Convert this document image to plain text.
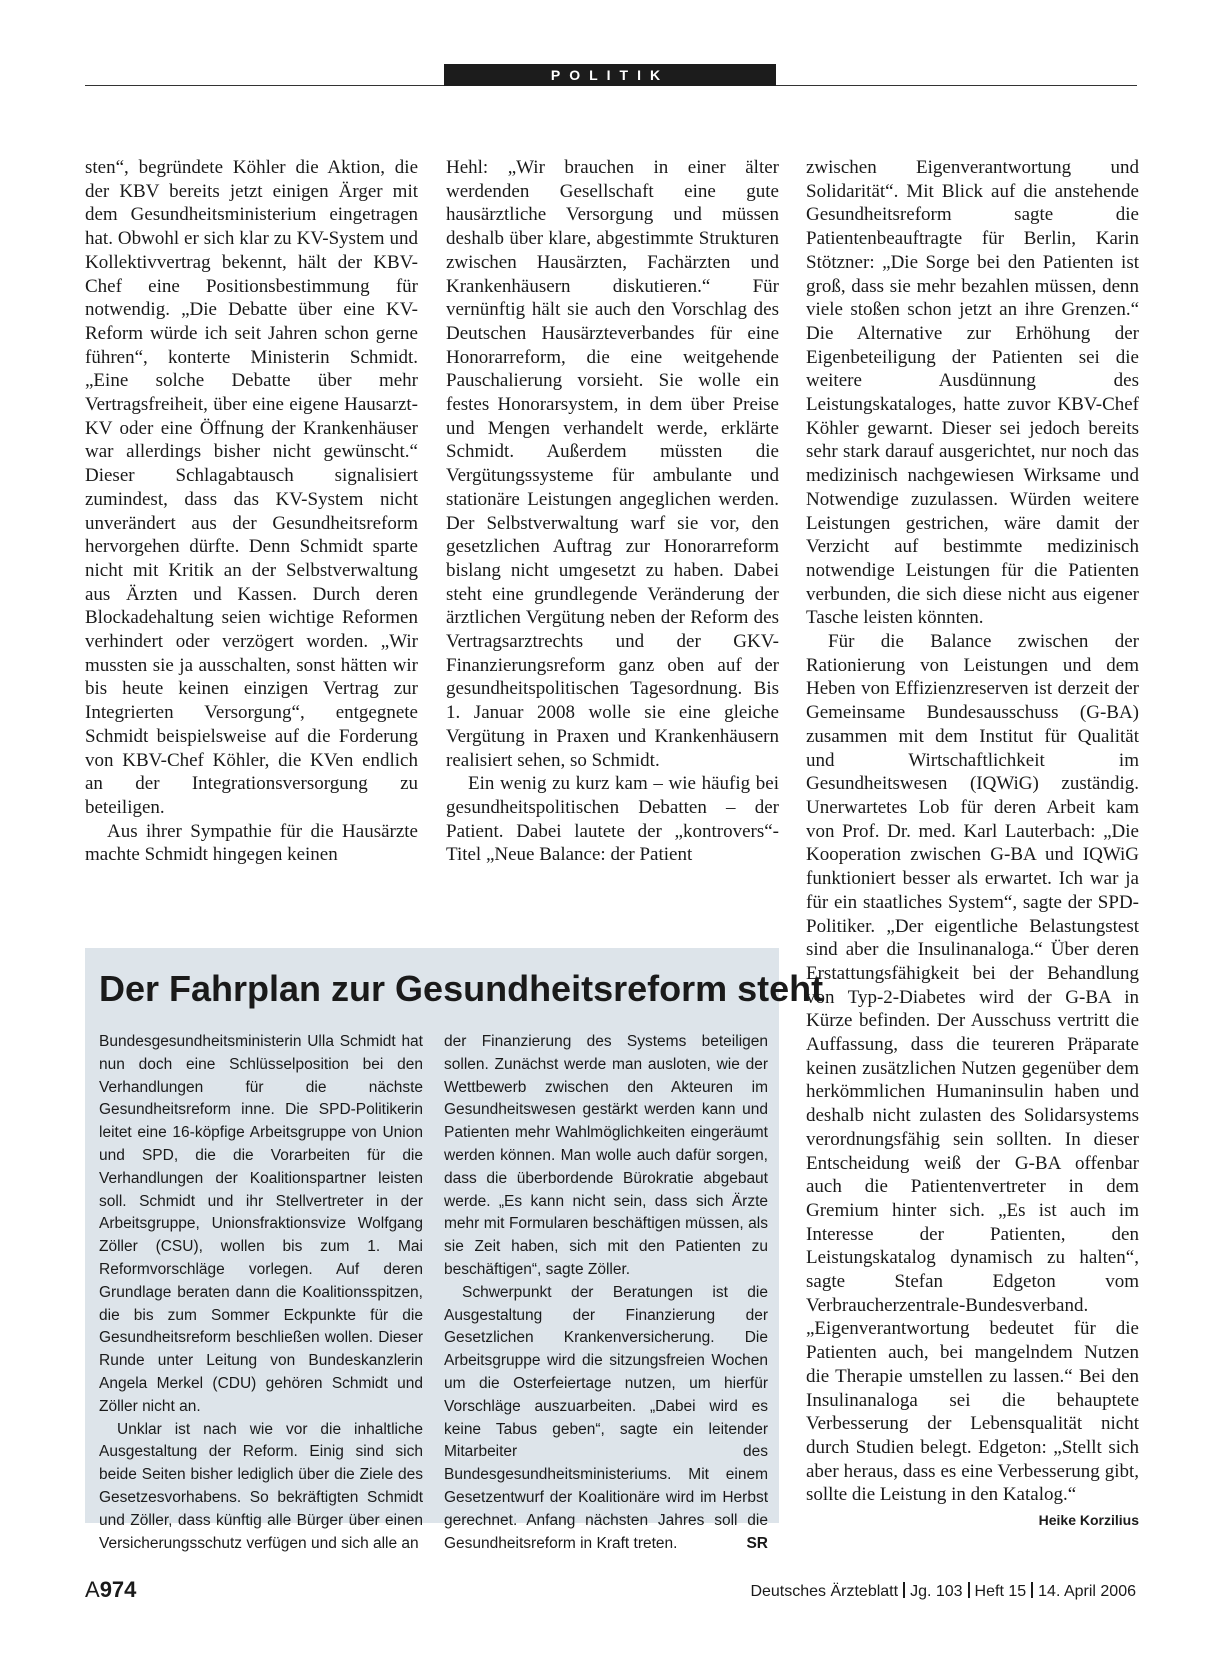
POLITIK

sten“, begründete Köhler die Aktion, die der KBV bereits jetzt einigen Ärger mit dem Gesundheitsministerium eingetragen hat. Obwohl er sich klar zu KV-System und Kollektivvertrag bekennt, hält der KBV-Chef eine Positionsbestimmung für notwendig. „Die Debatte über eine KV-Reform würde ich seit Jahren schon gerne führen“, konterte Ministerin Schmidt. „Eine solche Debatte über mehr Vertragsfreiheit, über eine eigene Hausarzt-KV oder eine Öffnung der Krankenhäuser war allerdings bisher nicht gewünscht.“ Dieser Schlagabtausch signalisiert zumindest, dass das KV-System nicht unverändert aus der Gesundheitsreform hervorgehen dürfte. Denn Schmidt sparte nicht mit Kritik an der Selbstverwaltung aus Ärzten und Kassen. Durch deren Blockadehaltung seien wichtige Reformen verhindert oder verzögert worden. „Wir mussten sie ja ausschalten, sonst hätten wir bis heute keinen einzigen Vertrag zur Integrierten Versorgung“, entgegnete Schmidt beispielsweise auf die Forderung von KBV-Chef Köhler, die KVen endlich an der Integrationsversorgung zu beteiligen.

Aus ihrer Sympathie für die Hausärzte machte Schmidt hingegen keinen

Hehl: „Wir brauchen in einer älter werdenden Gesellschaft eine gute hausärztliche Versorgung und müssen deshalb über klare, abgestimmte Strukturen zwischen Hausärzten, Fachärzten und Krankenhäusern diskutieren.“ Für vernünftig hält sie auch den Vorschlag des Deutschen Hausärzteverbandes für eine Honorarreform, die eine weitgehende Pauschalierung vorsieht. Sie wolle ein festes Honorarsystem, in dem über Preise und Mengen verhandelt werde, erklärte Schmidt. Außerdem müssten die Vergütungssysteme für ambulante und stationäre Leistungen angeglichen werden. Der Selbstverwaltung warf sie vor, den gesetzlichen Auftrag zur Honorarreform bislang nicht umgesetzt zu haben. Dabei steht eine grundlegende Veränderung der ärztlichen Vergütung neben der Reform des Vertragsarztrechts und der GKV-Finanzierungsreform ganz oben auf der gesundheitspolitischen Tagesordnung. Bis 1. Januar 2008 wolle sie eine gleiche Vergütung in Praxen und Krankenhäusern realisiert sehen, so Schmidt.

Ein wenig zu kurz kam – wie häufig bei gesundheitspolitischen Debatten – der Patient. Dabei lautete der „kontrovers“-Titel „Neue Balance: der Patient

zwischen Eigenverantwortung und Solidarität“. Mit Blick auf die anstehende Gesundheitsreform sagte die Patientenbeauftragte für Berlin, Karin Stötzner: „Die Sorge bei den Patienten ist groß, dass sie mehr bezahlen müssen, denn viele stoßen schon jetzt an ihre Grenzen.“ Die Alternative zur Erhöhung der Eigenbeteiligung der Patienten sei die weitere Ausdünnung des Leistungskataloges, hatte zuvor KBV-Chef Köhler gewarnt. Dieser sei jedoch bereits sehr stark darauf ausgerichtet, nur noch das medizinisch nachgewiesen Wirksame und Notwendige zuzulassen. Würden weitere Leistungen gestrichen, wäre damit der Verzicht auf bestimmte medizinisch notwendige Leistungen für die Patienten verbunden, die sich diese nicht aus eigener Tasche leisten könnten.

Für die Balance zwischen der Rationierung von Leistungen und dem Heben von Effizienzreserven ist derzeit der Gemeinsame Bundesausschuss (G-BA) zusammen mit dem Institut für Qualität und Wirtschaftlichkeit im Gesundheitswesen (IQWiG) zuständig. Unerwartetes Lob für deren Arbeit kam von Prof. Dr. med. Karl Lauterbach: „Die Kooperation zwischen G-BA und IQWiG funktioniert besser als erwartet. Ich war ja für ein staatliches System“, sagte der SPD-Politiker. „Der eigentliche Belastungstest sind aber die Insulinanaloga.“ Über deren Erstattungsfähigkeit bei der Behandlung von Typ-2-Diabetes wird der G-BA in Kürze befinden. Der Ausschuss vertritt die Auffassung, dass die teureren Präparate keinen zusätzlichen Nutzen gegenüber dem herkömmlichen Humaninsulin haben und deshalb nicht zulasten des Solidarsystems verordnungsfähig sein sollten. In dieser Entscheidung weiß der G-BA offenbar auch die Patientenvertreter in dem Gremium hinter sich. „Es ist auch im Interesse der Patienten, den Leistungskatalog dynamisch zu halten“, sagte Stefan Edgeton vom Verbraucherzentrale-Bundesverband. „Eigenverantwortung bedeutet für die Patienten auch, bei mangelndem Nutzen die Therapie umstellen zu lassen.“ Bei den Insulinanaloga sei die behauptete Verbesserung der Lebensqualität nicht durch Studien belegt. Edgeton: „Stellt sich aber heraus, dass es eine Verbesserung gibt, sollte die Leistung in den Katalog.“
Heike Korzilius

Der Fahrplan zur Gesundheitsreform steht

Bundesgesundheitsministerin Ulla Schmidt hat nun doch eine Schlüsselposition bei den Verhandlungen für die nächste Gesundheitsreform inne. Die SPD-Politikerin leitet eine 16-köpfige Arbeitsgruppe von Union und SPD, die die Vorarbeiten für die Verhandlungen der Koalitionspartner leisten soll. Schmidt und ihr Stellvertreter in der Arbeitsgruppe, Unionsfraktionsvize Wolfgang Zöller (CSU), wollen bis zum 1. Mai Reformvorschläge vorlegen. Auf deren Grundlage beraten dann die Koalitionsspitzen, die bis zum Sommer Eckpunkte für die Gesundheitsreform beschließen wollen. Dieser Runde unter Leitung von Bundeskanzlerin Angela Merkel (CDU) gehören Schmidt und Zöller nicht an.

Unklar ist nach wie vor die inhaltliche Ausgestaltung der Reform. Einig sind sich beide Seiten bisher lediglich über die Ziele des Gesetzesvorhabens. So bekräftigten Schmidt und Zöller, dass künftig alle Bürger über einen Versicherungsschutz verfügen und sich alle an

der Finanzierung des Systems beteiligen sollen. Zunächst werde man ausloten, wie der Wettbewerb zwischen den Akteuren im Gesundheitswesen gestärkt werden kann und Patienten mehr Wahlmöglichkeiten eingeräumt werden können. Man wolle auch dafür sorgen, dass die überbordende Bürokratie abgebaut werde. „Es kann nicht sein, dass sich Ärzte mehr mit Formularen beschäftigen müssen, als sie Zeit haben, sich mit den Patienten zu beschäftigen“, sagte Zöller.

Schwerpunkt der Beratungen ist die Ausgestaltung der Finanzierung der Gesetzlichen Krankenversicherung. Die Arbeitsgruppe wird die sitzungsfreien Wochen um die Osterfeiertage nutzen, um hierfür Vorschläge auszuarbeiten. „Dabei wird es keine Tabus geben“, sagte ein leitender Mitarbeiter des Bundesgesundheitsministeriums. Mit einem Gesetzentwurf der Koalitionäre wird im Herbst gerechnet. Anfang nächsten Jahres soll die Gesundheitsreform in Kraft treten.	SR

A974	Deutsches Ärzteblatt Jg. 103 Heft 15 14. April 2006
